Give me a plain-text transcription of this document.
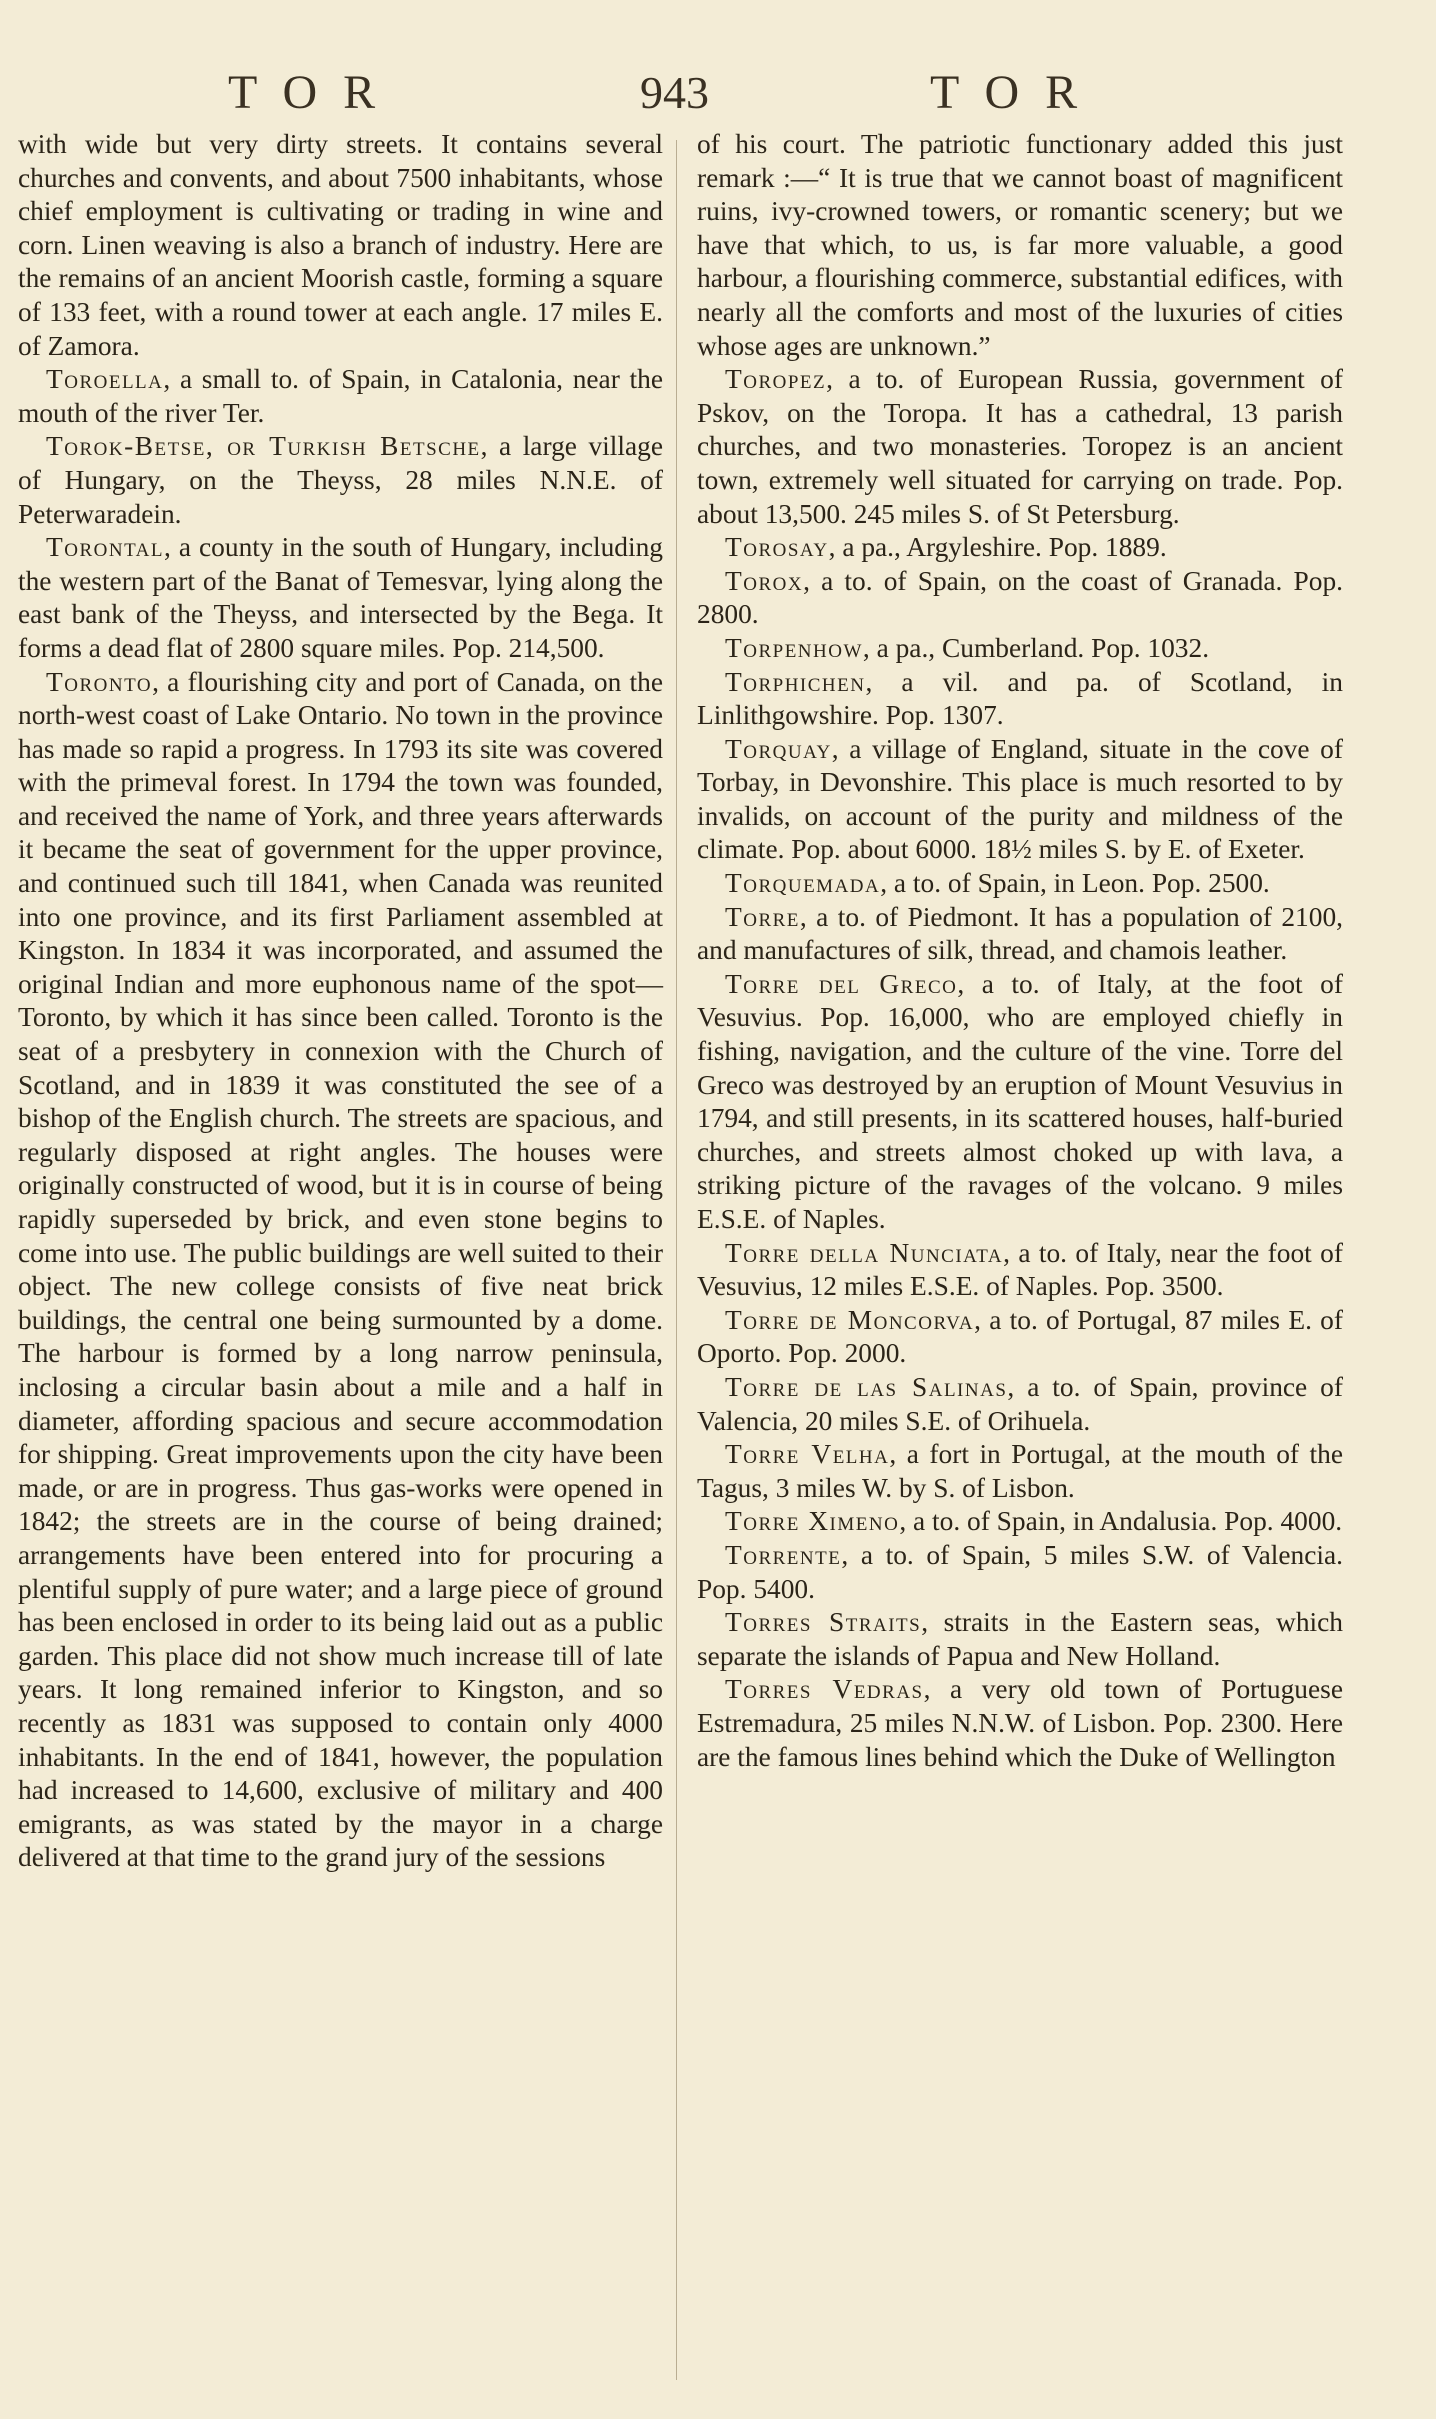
TOR	943	TOR

with wide but very dirty streets. It contains several churches and convents, and about 7500 inhabitants, whose chief employment is cultivating or trading in wine and corn. Linen weaving is also a branch of industry. Here are the remains of an ancient Moorish castle, forming a square of 133 feet, with a round tower at each angle. 17 miles E. of Zamora.

Toroella, a small to. of Spain, in Catalonia, near the mouth of the river Ter.

Torok-Betse, or Turkish Betsche, a large village of Hungary, on the Theyss, 28 miles N.N.E. of Peterwaradein.

Torontal, a county in the south of Hungary, including the western part of the Banat of Temesvar, lying along the east bank of the Theyss, and intersected by the Bega. It forms a dead flat of 2800 square miles. Pop. 214,500.

Toronto, a flourishing city and port of Canada, on the north-west coast of Lake Ontario. No town in the province has made so rapid a progress. In 1793 its site was covered with the primeval forest. In 1794 the town was founded, and received the name of York, and three years afterwards it became the seat of government for the upper province, and continued such till 1841, when Canada was reunited into one province, and its first Parliament assembled at Kingston. In 1834 it was incorporated, and assumed the original Indian and more euphonous name of the spot—Toronto, by which it has since been called. Toronto is the seat of a presbytery in connexion with the Church of Scotland, and in 1839 it was constituted the see of a bishop of the English church. The streets are spacious, and regularly disposed at right angles. The houses were originally constructed of wood, but it is in course of being rapidly superseded by brick, and even stone begins to come into use. The public buildings are well suited to their object. The new college consists of five neat brick buildings, the central one being surmounted by a dome. The harbour is formed by a long narrow peninsula, inclosing a circular basin about a mile and a half in diameter, affording spacious and secure accommodation for shipping. Great improvements upon the city have been made, or are in progress. Thus gas-works were opened in 1842; the streets are in the course of being drained; arrangements have been entered into for procuring a plentiful supply of pure water; and a large piece of ground has been enclosed in order to its being laid out as a public garden. This place did not show much increase till of late years. It long remained inferior to Kingston, and so recently as 1831 was supposed to contain only 4000 inhabitants. In the end of 1841, however, the population had increased to 14,600, exclusive of military and 400 emigrants, as was stated by the mayor in a charge delivered at that time to the grand jury of the sessions

of his court. The patriotic functionary added this just remark :—“ It is true that we cannot boast of magnificent ruins, ivy-crowned towers, or romantic scenery; but we have that which, to us, is far more valuable, a good harbour, a flourishing commerce, substantial edifices, with nearly all the comforts and most of the luxuries of cities whose ages are unknown.”

Toropez, a to. of European Russia, government of Pskov, on the Toropa. It has a cathedral, 13 parish churches, and two monasteries. Toropez is an ancient town, extremely well situated for carrying on trade. Pop. about 13,500. 245 miles S. of St Petersburg.

Torosay, a pa., Argyleshire. Pop. 1889.

Torox, a to. of Spain, on the coast of Granada. Pop. 2800.

Torpenhow, a pa., Cumberland. Pop. 1032.

Torphichen, a vil. and pa. of Scotland, in Linlithgowshire. Pop. 1307.

Torquay, a village of England, situate in the cove of Torbay, in Devonshire. This place is much resorted to by invalids, on account of the purity and mildness of the climate. Pop. about 6000. 18½ miles S. by E. of Exeter.

Torquemada, a to. of Spain, in Leon. Pop. 2500.

Torre, a to. of Piedmont. It has a population of 2100, and manufactures of silk, thread, and chamois leather.

Torre del Greco, a to. of Italy, at the foot of Vesuvius. Pop. 16,000, who are employed chiefly in fishing, navigation, and the culture of the vine. Torre del Greco was destroyed by an eruption of Mount Vesuvius in 1794, and still presents, in its scattered houses, half-buried churches, and streets almost choked up with lava, a striking picture of the ravages of the volcano. 9 miles E.S.E. of Naples.

Torre della Nunciata, a to. of Italy, near the foot of Vesuvius, 12 miles E.S.E. of Naples. Pop. 3500.

Torre de Moncorva, a to. of Portugal, 87 miles E. of Oporto. Pop. 2000.

Torre de las Salinas, a to. of Spain, province of Valencia, 20 miles S.E. of Orihuela.

Torre Velha, a fort in Portugal, at the mouth of the Tagus, 3 miles W. by S. of Lisbon.

Torre Ximeno, a to. of Spain, in Andalusia. Pop. 4000.

Torrente, a to. of Spain, 5 miles S.W. of Valencia. Pop. 5400.

Torres Straits, straits in the Eastern seas, which separate the islands of Papua and New Holland.

Torres Vedras, a very old town of Portuguese Estremadura, 25 miles N.N.W. of Lisbon. Pop. 2300. Here are the famous lines behind which the Duke of Wellington
